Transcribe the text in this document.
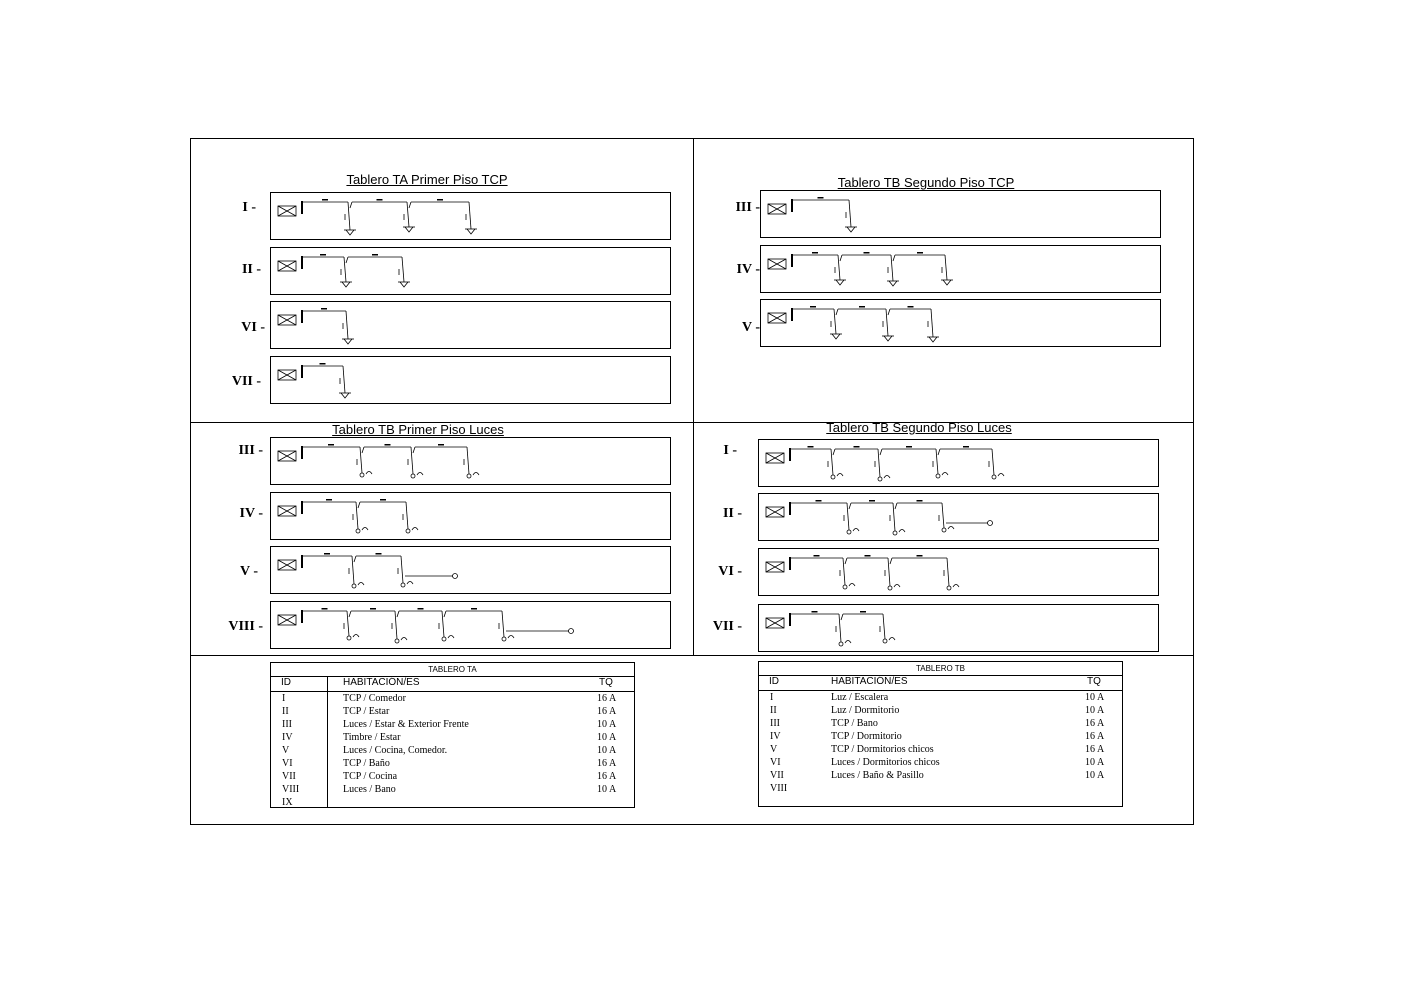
Tablero TA Primer Piso TCP	Tablero TB Segundo Piso TCP
Tablero TB Primer Piso Luces	Tablero TB Segundo Piso Luces
I -
II -
VI -
VII -
III -
IV -
V -
III -
IV -
V -
VIII -
I -
II -
VI -
VII -
TABLERO TA
ID	HABITACIÓN/ES	TQ
I	TCP / Comedor	16 A
II	TCP / Estar	16 A
III	Luces / Estar & Exterior Frente	10 A
IV	Timbre / Estar	10 A
V	Luces / Cocina, Comedor.	10 A
VI	TCP / Baño	16 A
VII	TCP / Cocina	16 A
VIII	Luces / Bano	10 A
IX
TABLERO TB
ID	HABITACIÓN/ES	TQ
I	Luz / Escalera	10 A
II	Luz / Dormitorio	10 A
III	TCP / Bano	16 A
IV	TCP / Dormitorio	16 A
V	TCP / Dormitorios chicos	16 A
VI	Luces / Dormitorios chicos	10 A
VII	Luces / Baño & Pasillo	10 A
VIII
